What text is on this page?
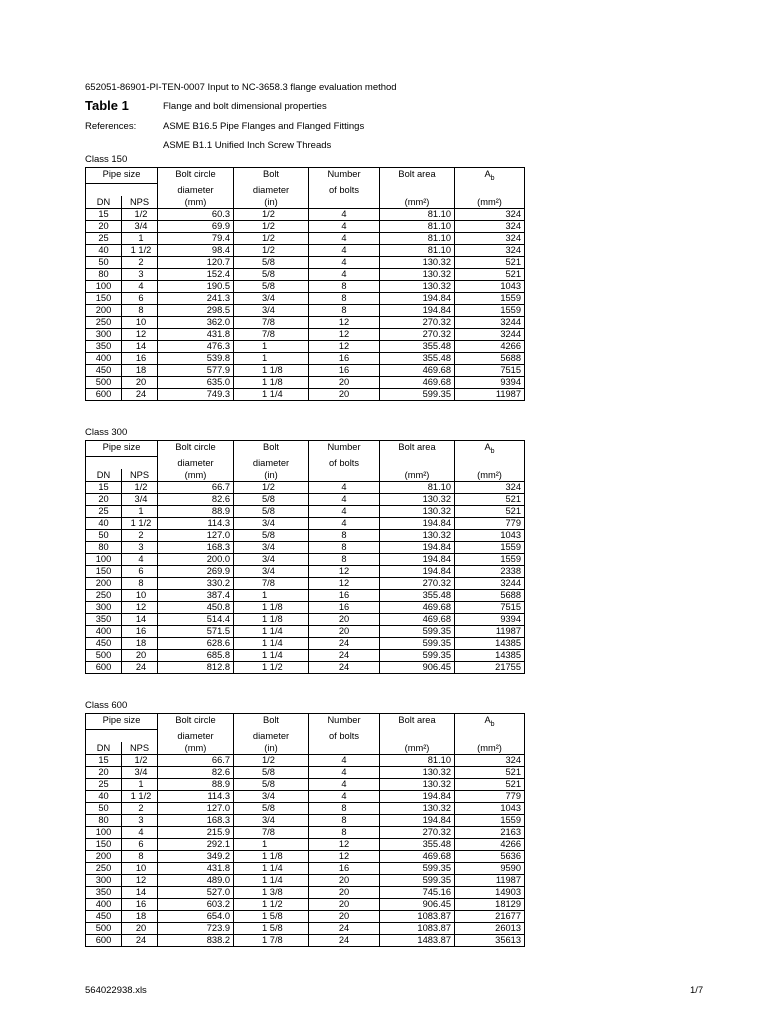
652051-86901-PI-TEN-0007 Input to NC-3658.3 flange evaluation method
Table 1	Flange and bolt dimensional properties
References:	ASME B16.5 Pipe Flanges and Flanged Fittings
ASME B1.1 Unified Inch Screw Threads
Class 150
Pipe size		Bolt circle	Bolt	Number	Bolt area	$A_b$
		diameter	diameter	of bolts		
DN	NPS	(mm)	(in)		(mm²)	(mm²)
15	1/2	60.3	1/2	4	81.10	324
20	3/4	69.9	1/2	4	81.10	324
25	1	79.4	1/2	4	81.10	324
40	1 1/2	98.4	1/2	4	81.10	324
50	2	120.7	5/8	4	130.32	521
80	3	152.4	5/8	4	130.32	521
100	4	190.5	5/8	8	130.32	1043
150	6	241.3	3/4	8	194.84	1559
200	8	298.5	3/4	8	194.84	1559
250	10	362.0	7/8	12	270.32	3244
300	12	431.8	7/8	12	270.32	3244
350	14	476.3	1	12	355.48	4266
400	16	539.8	1	16	355.48	5688
450	18	577.9	1 1/8	16	469.68	7515
500	20	635.0	1 1/8	20	469.68	9394
600	24	749.3	1 1/4	20	599.35	11987
Class 300
Pipe size		Bolt circle	Bolt	Number	Bolt area	$A_b$
		diameter	diameter	of bolts		
DN	NPS	(mm)	(in)		(mm²)	(mm²)
15	1/2	66.7	1/2	4	81.10	324
20	3/4	82.6	5/8	4	130.32	521
25	1	88.9	5/8	4	130.32	521
40	1 1/2	114.3	3/4	4	194.84	779
50	2	127.0	5/8	8	130.32	1043
80	3	168.3	3/4	8	194.84	1559
100	4	200.0	3/4	8	194.84	1559
150	6	269.9	3/4	12	194.84	2338
200	8	330.2	7/8	12	270.32	3244
250	10	387.4	1	16	355.48	5688
300	12	450.8	1 1/8	16	469.68	7515
350	14	514.4	1 1/8	20	469.68	9394
400	16	571.5	1 1/4	20	599.35	11987
450	18	628.6	1 1/4	24	599.35	14385
500	20	685.8	1 1/4	24	599.35	14385
600	24	812.8	1 1/2	24	906.45	21755
Class 600
Pipe size		Bolt circle	Bolt	Number	Bolt area	$A_b$
		diameter	diameter	of bolts		
DN	NPS	(mm)	(in)		(mm²)	(mm²)
15	1/2	66.7	1/2	4	81.10	324
20	3/4	82.6	5/8	4	130.32	521
25	1	88.9	5/8	4	130.32	521
40	1 1/2	114.3	3/4	4	194.84	779
50	2	127.0	5/8	8	130.32	1043
80	3	168.3	3/4	8	194.84	1559
100	4	215.9	7/8	8	270.32	2163
150	6	292.1	1	12	355.48	4266
200	8	349.2	1 1/8	12	469.68	5636
250	10	431.8	1 1/4	16	599.35	9590
300	12	489.0	1 1/4	20	599.35	11987
350	14	527.0	1 3/8	20	745.16	14903
400	16	603.2	1 1/2	20	906.45	18129
450	18	654.0	1 5/8	20	1083.87	21677
500	20	723.9	1 5/8	24	1083.87	26013
600	24	838.2	1 7/8	24	1483.87	35613
564022938.xls	1/7
